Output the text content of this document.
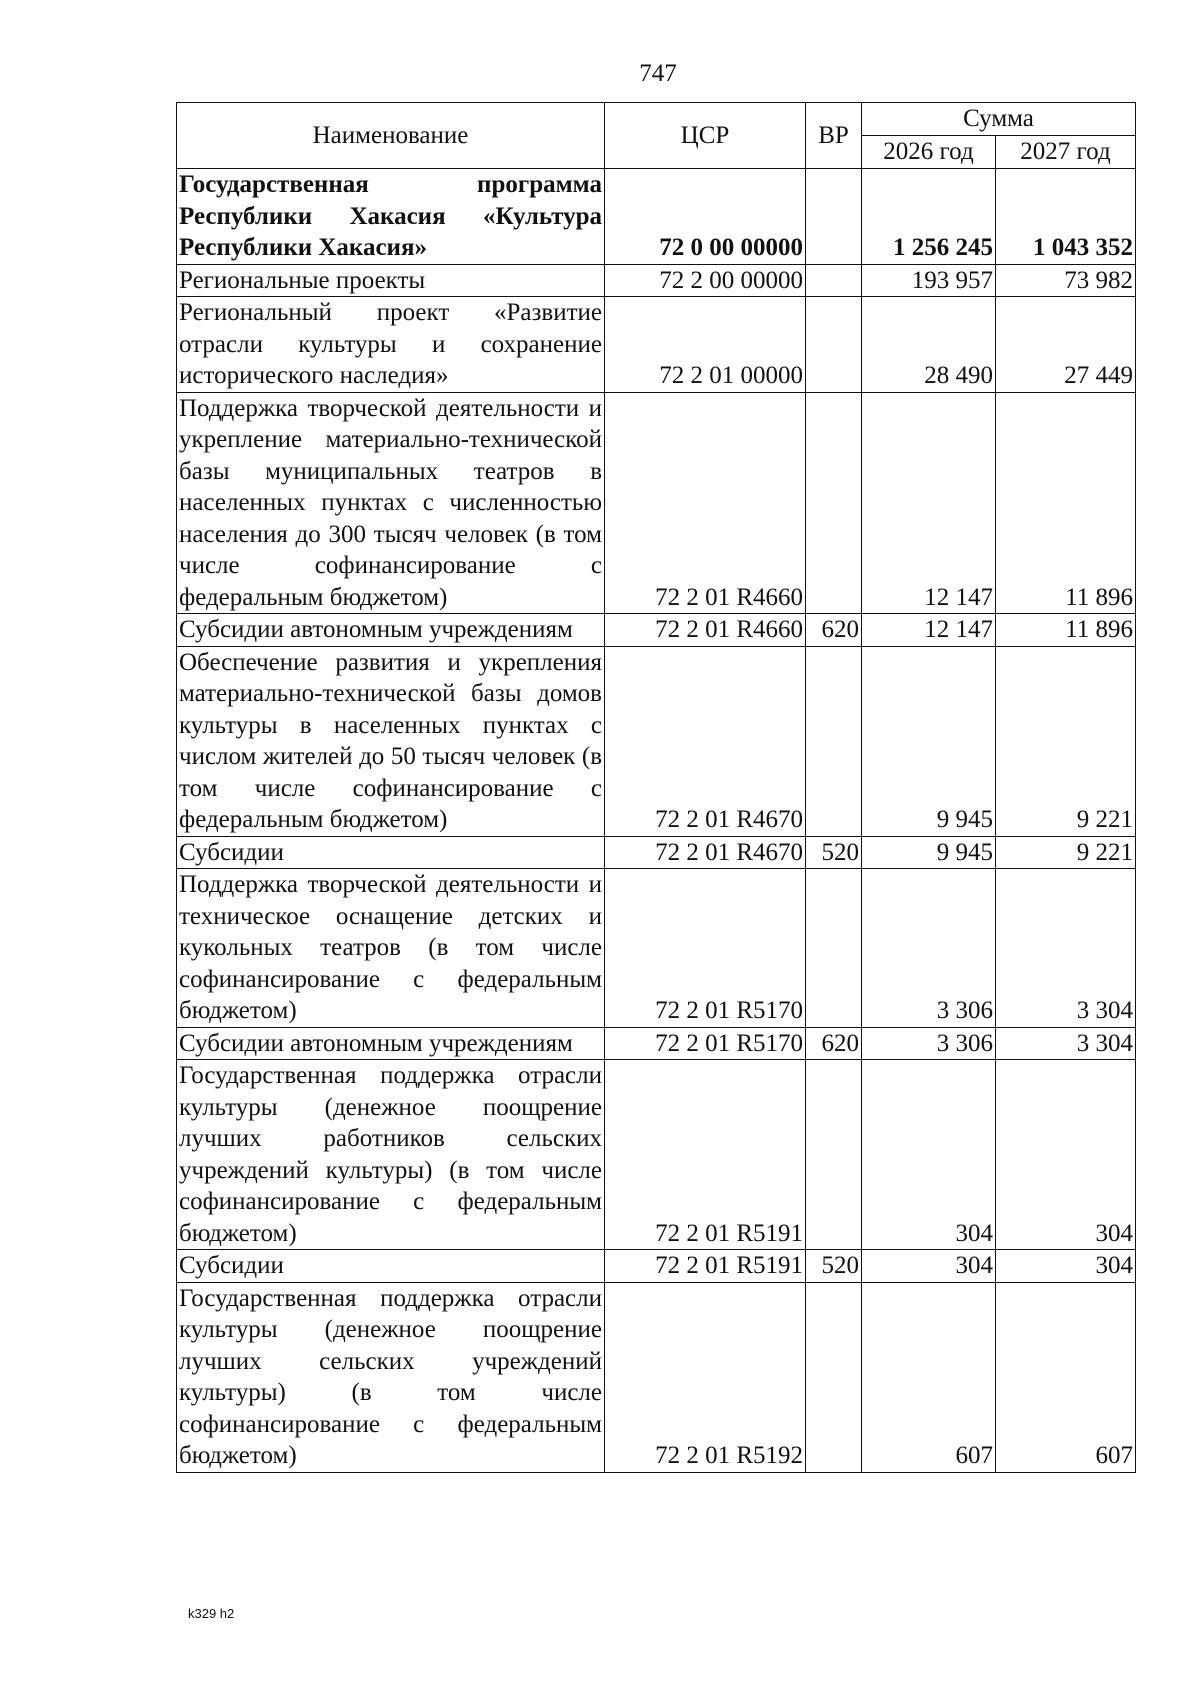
747
Наименование	ЦСР	ВР	Сумма	
			2026 год	2027 год
Государственная программа Республики Хакасия «Культура Республики Хакасия»	72 0 00 00000		1 256 245	1 043 352
Региональные проекты	72 2 00 00000		193 957	73 982
Региональный проект «Развитие отрасли культуры и сохранение исторического наследия»	72 2 01 00000		28 490	27 449
Поддержка творческой деятельности и укрепление материально-технической базы муниципальных театров в населенных пунктах с численностью населения до 300 тысяч человек (в том числе софинансирование с федеральным бюджетом)	72 2 01 R4660		12 147	11 896
Субсидии автономным учреждениям	72 2 01 R4660	620	12 147	11 896
Обеспечение развития и укрепления материально-технической базы домов культуры в населенных пунктах с числом жителей до 50 тысяч человек (в том числе софинансирование с федеральным бюджетом)	72 2 01 R4670		9 945	9 221
Субсидии	72 2 01 R4670	520	9 945	9 221
Поддержка творческой деятельности и техническое оснащение детских и кукольных театров (в том числе софинансирование с федеральным бюджетом)	72 2 01 R5170		3 306	3 304
Субсидии автономным учреждениям	72 2 01 R5170	620	3 306	3 304
Государственная поддержка отрасли культуры (денежное поощрение лучших работников сельских учреждений культуры) (в том числе софинансирование с федеральным бюджетом)	72 2 01 R5191		304	304
Субсидии	72 2 01 R5191	520	304	304
Государственная поддержка отрасли культуры (денежное поощрение лучших сельских учреждений культуры) (в том числе софинансирование с федеральным бюджетом)	72 2 01 R5192		607	607
k329 h2
